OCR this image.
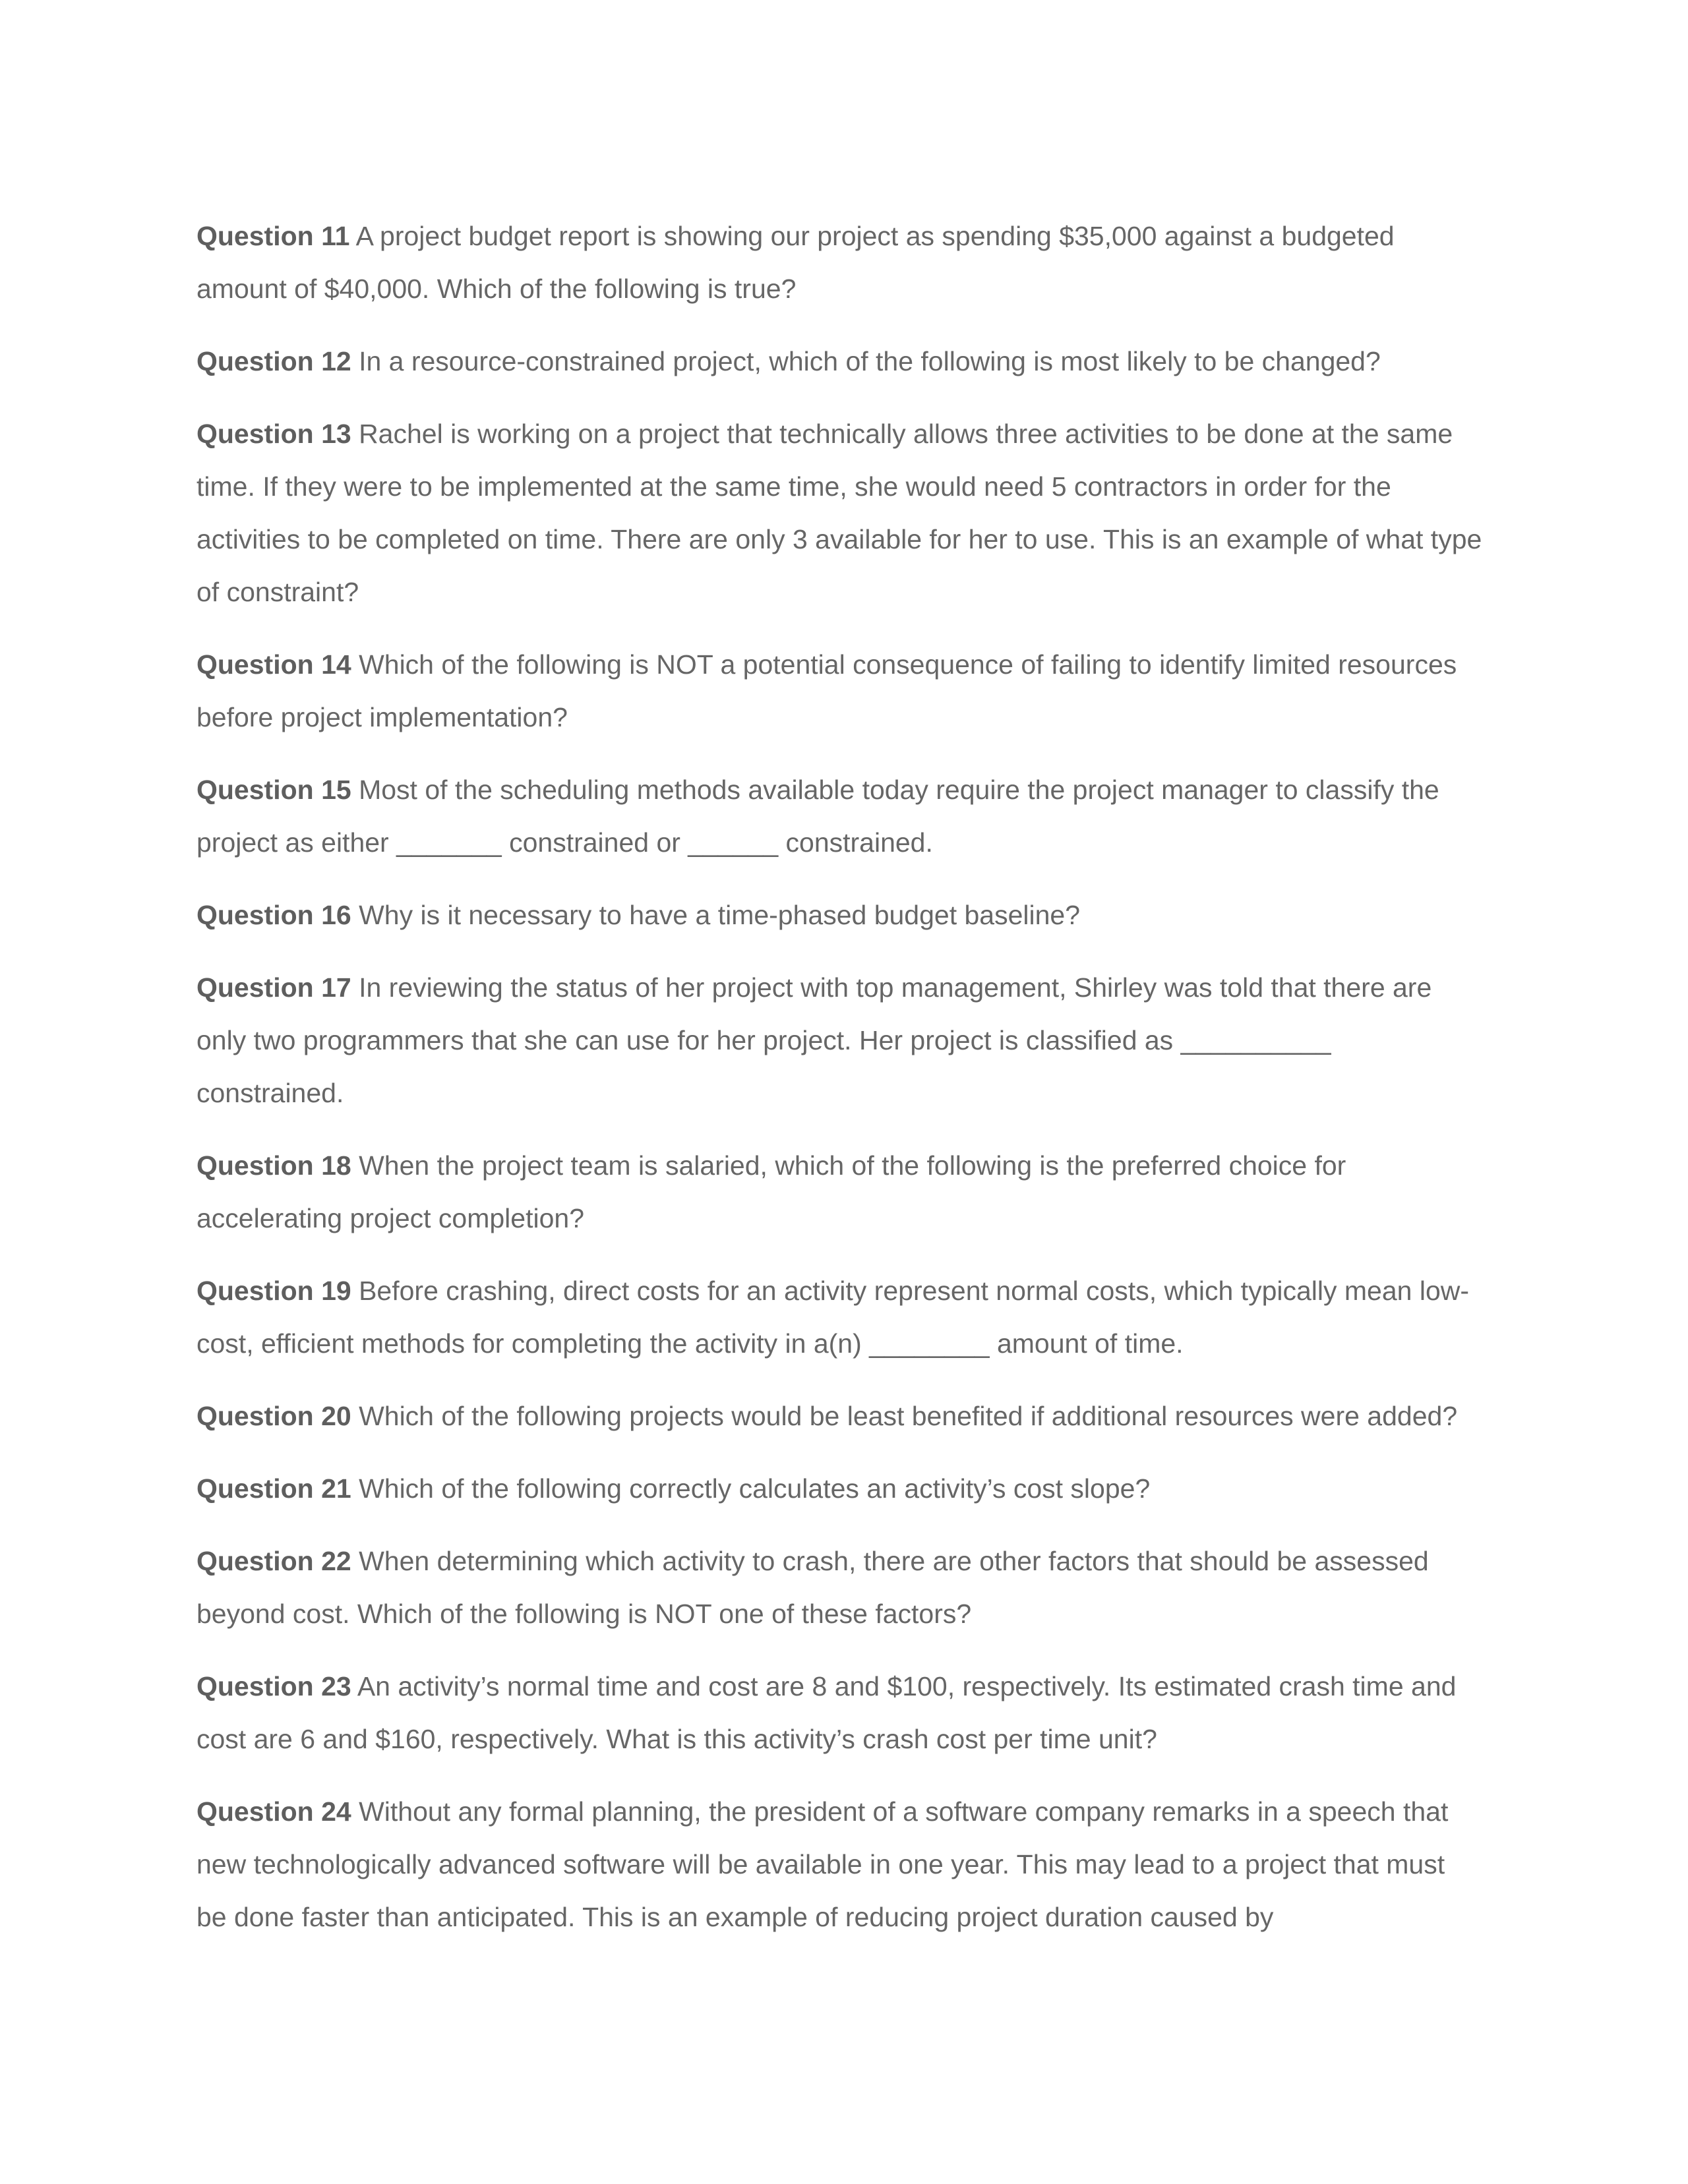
Question 11 A project budget report is showing our project as spending $35,000 against a budgeted amount of $40,000. Which of the following is true?

Question 12 In a resource-constrained project, which of the following is most likely to be changed?

Question 13 Rachel is working on a project that technically allows three activities to be done at the same time. If they were to be implemented at the same time, she would need 5 contractors in order for the activities to be completed on time. There are only 3 available for her to use. This is an example of what type of constraint?

Question 14 Which of the following is NOT a potential consequence of failing to identify limited resources before project implementation?

Question 15 Most of the scheduling methods available today require the project manager to classify the project as either _______ constrained or ______ constrained.

Question 16 Why is it necessary to have a time-phased budget baseline?

Question 17 In reviewing the status of her project with top management, Shirley was told that there are only two programmers that she can use for her project. Her project is classified as __________ constrained.

Question 18 When the project team is salaried, which of the following is the preferred choice for accelerating project completion?

Question 19 Before crashing, direct costs for an activity represent normal costs, which typically mean low-cost, efficient methods for completing the activity in a(n) ________ amount of time.

Question 20 Which of the following projects would be least benefited if additional resources were added?

Question 21 Which of the following correctly calculates an activity’s cost slope?

Question 22 When determining which activity to crash, there are other factors that should be assessed beyond cost. Which of the following is NOT one of these factors?

Question 23 An activity’s normal time and cost are 8 and $100, respectively. Its estimated crash time and cost are 6 and $160, respectively. What is this activity’s crash cost per time unit?

Question 24 Without any formal planning, the president of a software company remarks in a speech that new technologically advanced software will be available in one year. This may lead to a project that must be done faster than anticipated. This is an example of reducing project duration caused by
